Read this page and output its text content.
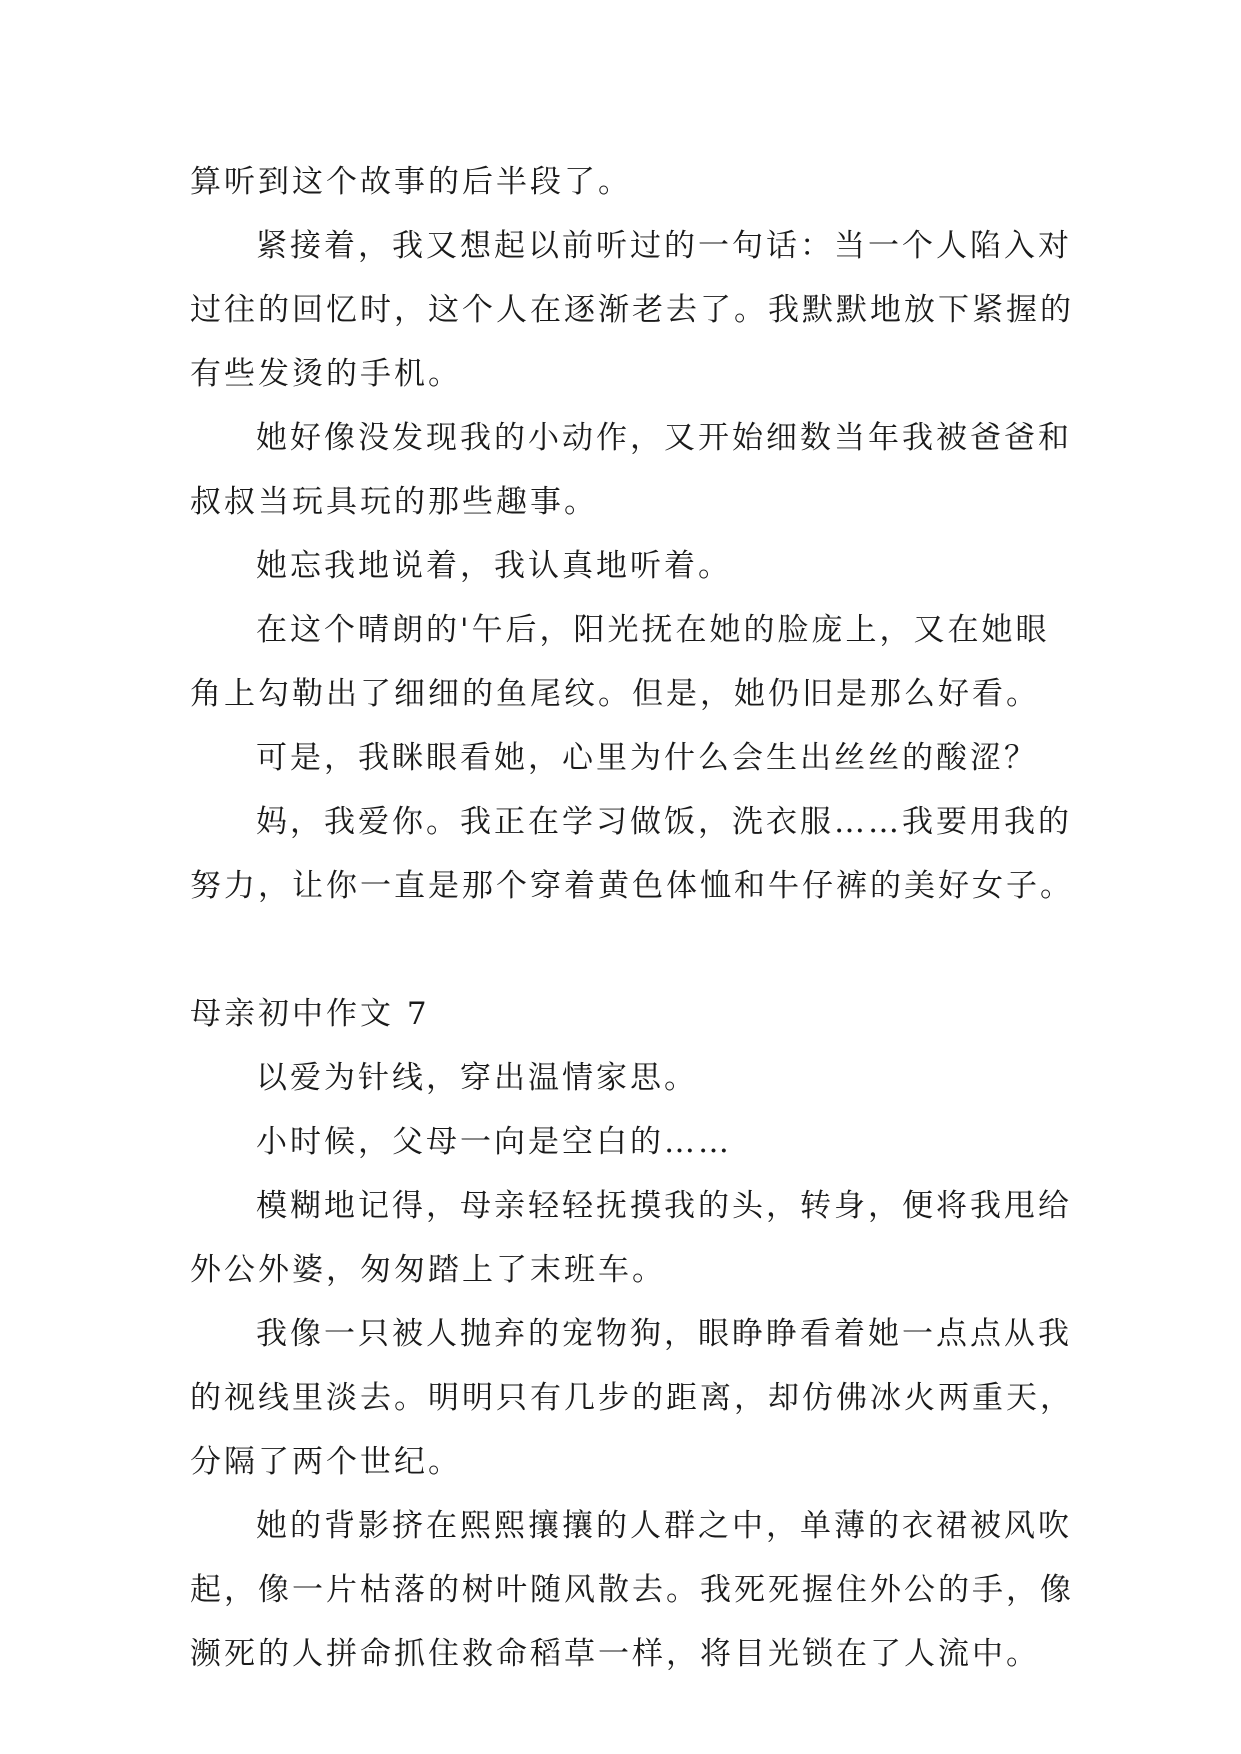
算听到这个故事的后半段了。
紧接着，我又想起以前听过的一句话：当一个人陷入对
过往的回忆时，这个人在逐渐老去了。我默默地放下紧握的
有些发烫的手机。
她好像没发现我的小动作，又开始细数当年我被爸爸和
叔叔当玩具玩的那些趣事。
她忘我地说着，我认真地听着。
在这个晴朗的'午后，阳光抚在她的脸庞上，又在她眼
角上勾勒出了细细的鱼尾纹。但是，她仍旧是那么好看。
可是，我眯眼看她，心里为什么会生出丝丝的酸涩？
妈，我爱你。我正在学习做饭，洗衣服……我要用我的
努力，让你一直是那个穿着黄色体恤和牛仔裤的美好女子。
母亲初中作文 7
以爱为针线，穿出温情家思。
小时候，父母一向是空白的……
模糊地记得，母亲轻轻抚摸我的头，转身，便将我甩给
外公外婆，匆匆踏上了末班车。
我像一只被人抛弃的宠物狗，眼睁睁看着她一点点从我
的视线里淡去。明明只有几步的距离，却仿佛冰火两重天，
分隔了两个世纪。
她的背影挤在熙熙攘攘的人群之中，单薄的衣裙被风吹
起，像一片枯落的树叶随风散去。我死死握住外公的手，像
濒死的人拼命抓住救命稻草一样，将目光锁在了人流中。
